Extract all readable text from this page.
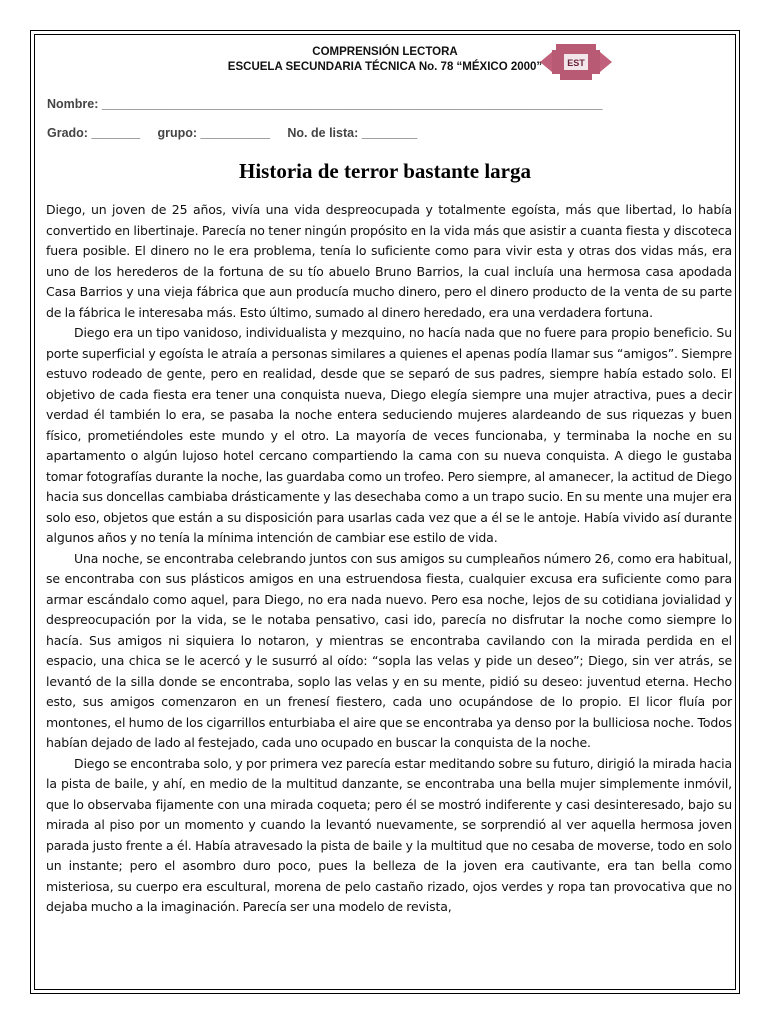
COMPRENSIÓN LECTORA
ESCUELA SECUNDARIA TÉCNICA No. 78 “MÉXICO 2000”	EST
Nombre: ________________________________________________________________________
Grado: _______     grupo: __________     No. de lista: ________
Historia de terror bastante larga

Diego, un joven de 25 años, vivía una vida despreocupada y totalmente egoísta, más que libertad, lo había convertido en libertinaje. Parecía no tener ningún propósito en la vida más que asistir a cuanta fiesta y discoteca fuera posible. El dinero no le era problema, tenía lo suficiente como para vivir esta y otras dos vidas más, era uno de los herederos de la fortuna de su tío abuelo Bruno Barrios, la cual incluía una hermosa casa apodada Casa Barrios y una vieja fábrica que aun producía mucho dinero, pero el dinero producto de la venta de su parte de la fábrica le interesaba más. Esto último, sumado al dinero heredado, era una verdadera fortuna.

Diego era un tipo vanidoso, individualista y mezquino, no hacía nada que no fuere para propio beneficio. Su porte superficial y egoísta le atraía a personas similares a quienes el apenas podía llamar sus “amigos”. Siempre estuvo rodeado de gente, pero en realidad, desde que se separó de sus padres, siempre había estado solo. El objetivo de cada fiesta era tener una conquista nueva, Diego elegía siempre una mujer atractiva, pues a decir verdad él también lo era, se pasaba la noche entera seduciendo mujeres alardeando de sus riquezas y buen físico, prometiéndoles este mundo y el otro. La mayoría de veces funcionaba, y terminaba la noche en su apartamento o algún lujoso hotel cercano compartiendo la cama con su nueva conquista. A diego le gustaba tomar fotografías durante la noche, las guardaba como un trofeo. Pero siempre, al amanecer, la actitud de Diego hacia sus doncellas cambiaba drásticamente y las desechaba como a un trapo sucio. En su mente una mujer era solo eso, objetos que están a su disposición para usarlas cada vez que a él se le antoje. Había vivido así durante algunos años y no tenía la mínima intención de cambiar ese estilo de vida.

Una noche, se encontraba celebrando juntos con sus amigos su cumpleaños número 26, como era habitual, se encontraba con sus plásticos amigos en una estruendosa fiesta, cualquier excusa era suficiente como para armar escándalo como aquel, para Diego, no era nada nuevo. Pero esa noche, lejos de su cotidiana jovialidad y despreocupación por la vida, se le notaba pensativo, casi ido, parecía no disfrutar la noche como siempre lo hacía. Sus amigos ni siquiera lo notaron, y mientras se encontraba cavilando con la mirada perdida en el espacio, una chica se le acercó y le susurró al oído: “sopla las velas y pide un deseo”; Diego, sin ver atrás, se levantó de la silla donde se encontraba, soplo las velas y en su mente, pidió su deseo: juventud eterna. Hecho esto, sus amigos comenzaron en un frenesí fiestero, cada uno ocupándose de lo propio. El licor fluía por montones, el humo de los cigarrillos enturbiaba el aire que se encontraba ya denso por la bulliciosa noche. Todos habían dejado de lado al festejado, cada uno ocupado en buscar la conquista de la noche.

Diego se encontraba solo, y por primera vez parecía estar meditando sobre su futuro, dirigió la mirada hacia la pista de baile, y ahí, en medio de la multitud danzante, se encontraba una bella mujer simplemente inmóvil, que lo observaba fijamente con una mirada coqueta; pero él se mostró indiferente y casi desinteresado, bajo su mirada al piso por un momento y cuando la levantó nuevamente, se sorprendió al ver aquella hermosa joven parada justo frente a él. Había atravesado la pista de baile y la multitud que no cesaba de moverse, todo en solo un instante; pero el asombro duro poco, pues la belleza de la joven era cautivante, era tan bella como misteriosa, su cuerpo era escultural, morena de pelo castaño rizado, ojos verdes y ropa tan provocativa que no dejaba mucho a la imaginación. Parecía ser una modelo de revista,
